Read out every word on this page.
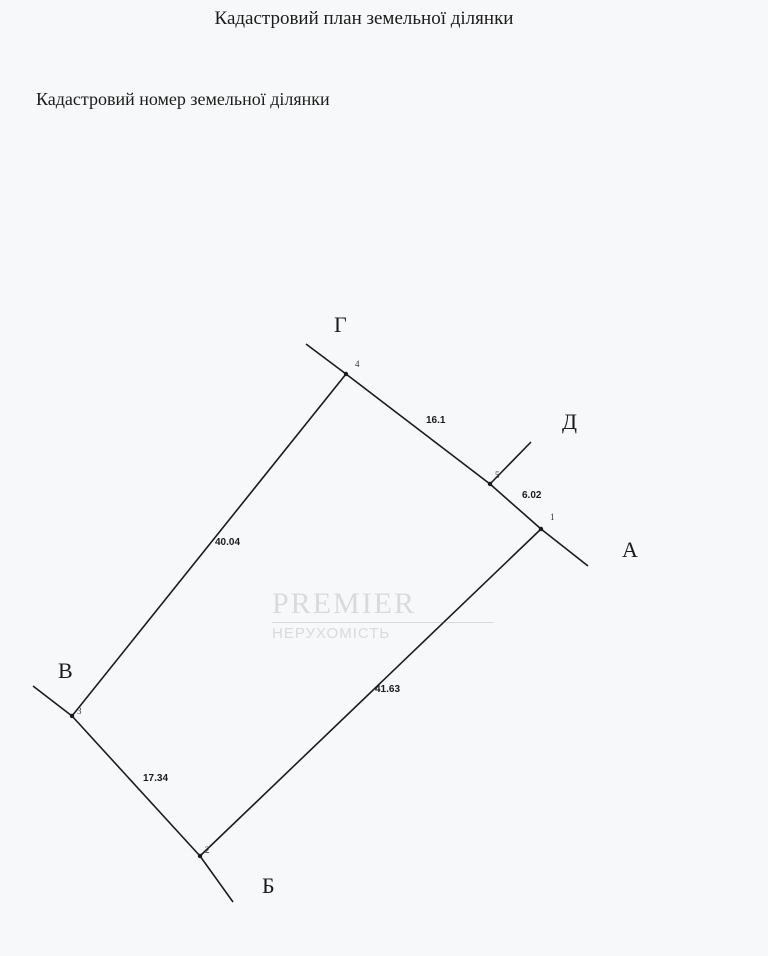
Кадастровий план земельної ділянки
Кадастровий номер земельної ділянки
1
2
3
4
5
41.63
17.34
40.04
16.1
6.02
А
Б
В
Г
Д
PREMIER
НЕРУХОМІСТЬ
